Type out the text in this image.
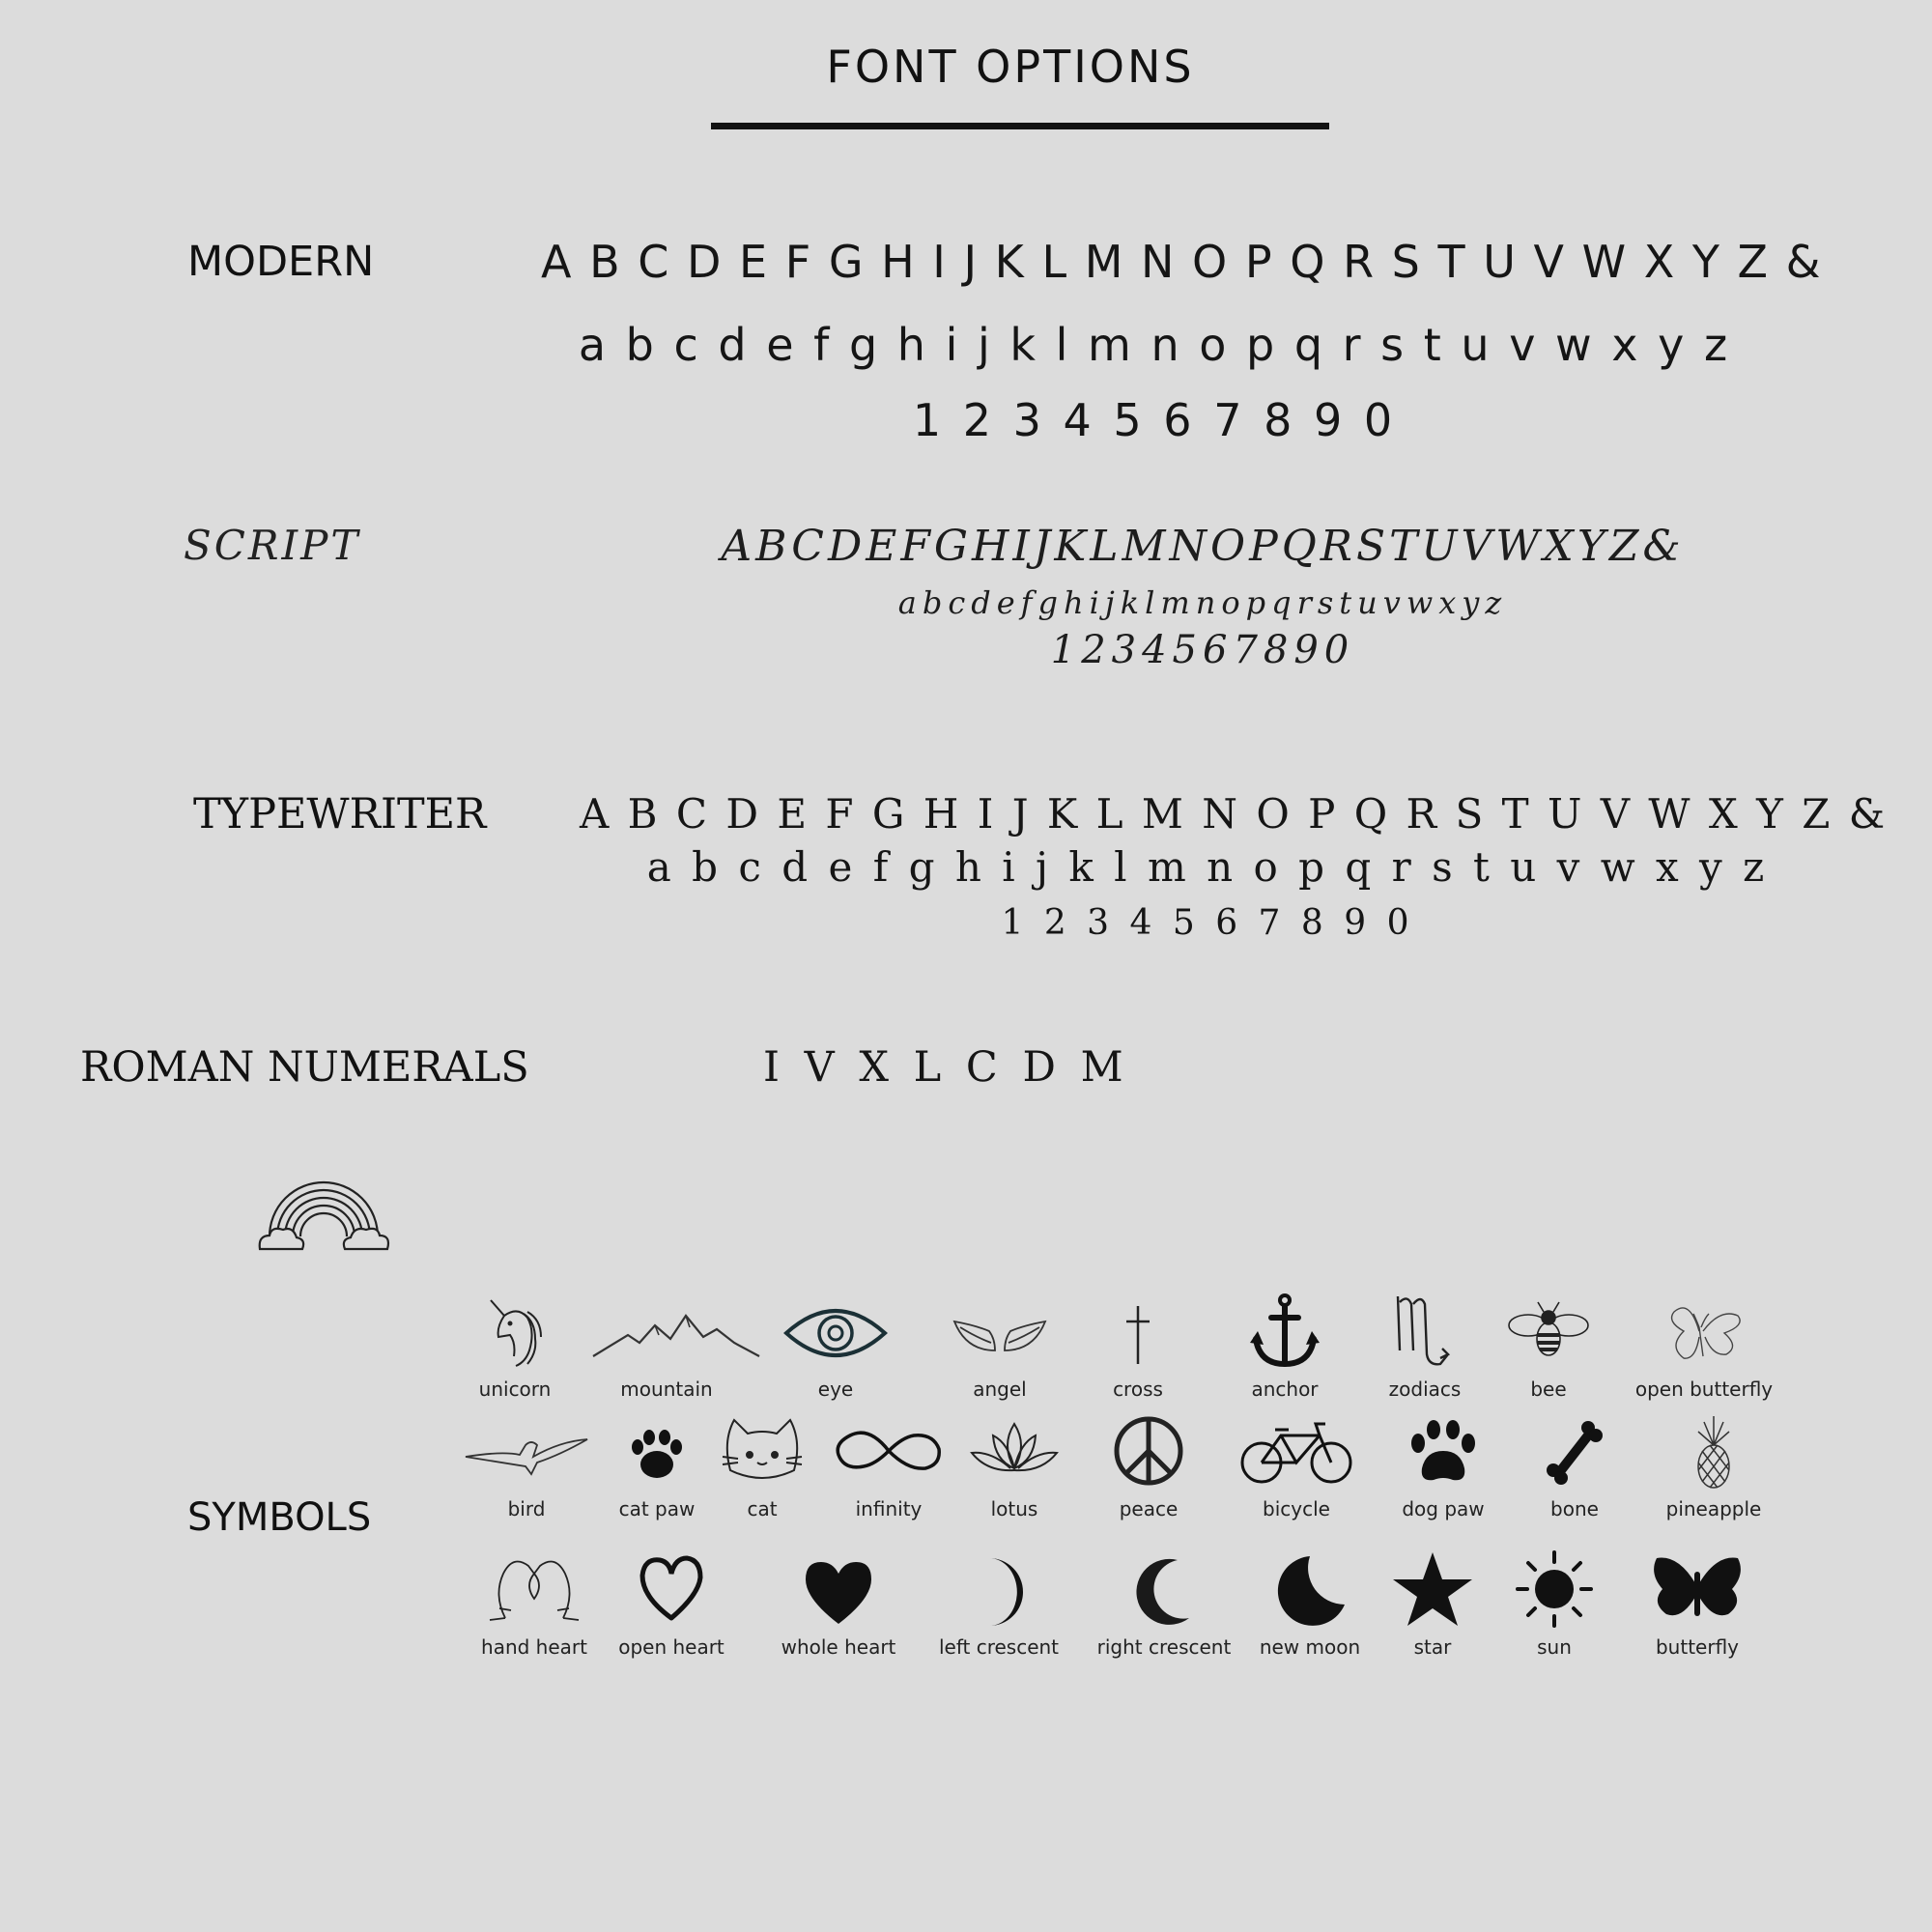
FONT OPTIONS
MODERN	A B C D E F G H I J K L M N O P Q R S T U V W X Y Z &
a b c d e f g h i j k l m n o p q r s t u v w x y z
1 2 3 4 5 6 7 8 9 0
SCRIPT	ABCDEFGHIJKLMNOPQRSTUVWXYZ&
abcdefghijklmnopqrstuvwxyz
1234567890
TYPEWRITER A B C D E F G H I J K L M N O P Q R S T U V W X Y Z &
a b c d e f g h i j k l m n o p q r s t u v w x y z
1 2 3 4 5 6 7 8 9 0
ROMAN NUMERALS	I V X L C D M
SYMBOLS
unicorn	mountain	eye	angel	cross	anchor	zodiacs	bee	open butterfly
bird	cat paw	cat	infinity	lotus	peace	bicycle	dog paw	bone	pineapple
hand heart	open heart	whole heart	left crescent	right crescent	new moon	star	sun	butterfly
